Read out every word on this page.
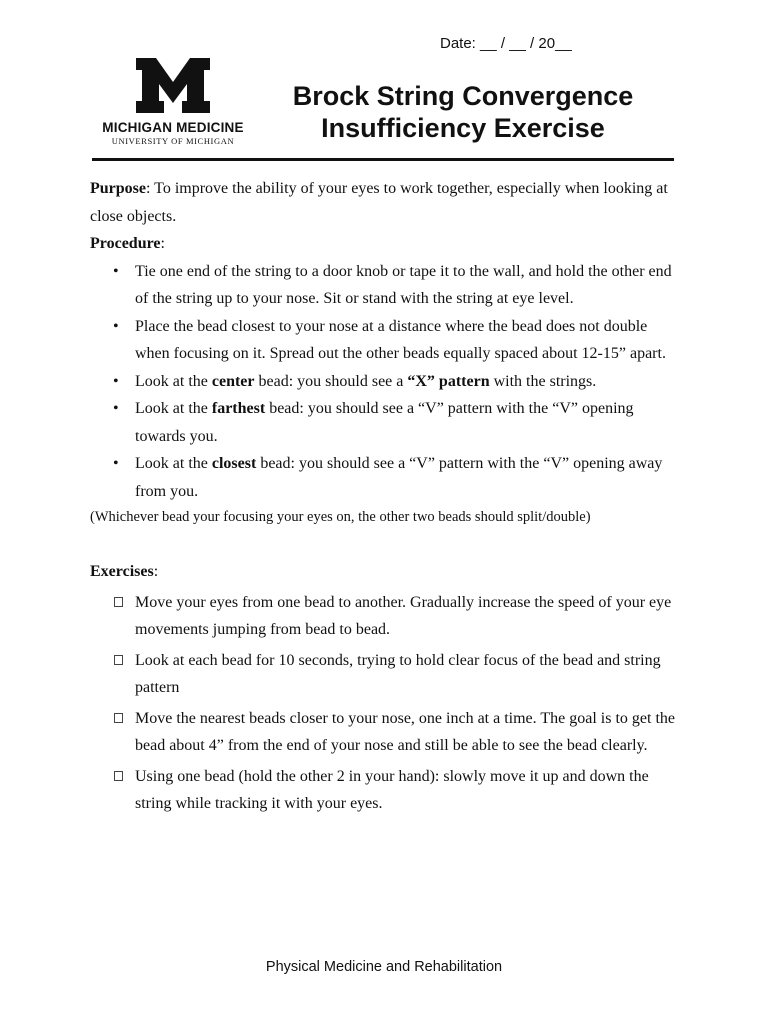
Date: __ / __ / 20__
MICHIGAN MEDICINE
UNIVERSITY OF MICHIGAN
Brock String Convergence
Insufficiency Exercise

Purpose: To improve the ability of your eyes to work together, especially when looking at close objects.

Procedure:

• Tie one end of the string to a door knob or tape it to the wall, and hold the other end of the string up to your nose. Sit or stand with the string at eye level.
• Place the bead closest to your nose at a distance where the bead does not double when focusing on it. Spread out the other beads equally spaced about 12-15” apart.
• Look at the center bead: you should see a “X” pattern with the strings.
• Look at the farthest bead: you should see a “V” pattern with the “V” opening towards you.
• Look at the closest bead: you should see a “V” pattern with the “V” opening away from you.

(Whichever bead your focusing your eyes on, the other two beads should split/double)

Exercises:

Move your eyes from one bead to another. Gradually increase the speed of your eye movements jumping from bead to bead.
Look at each bead for 10 seconds, trying to hold clear focus of the bead and string pattern
Move the nearest beads closer to your nose, one inch at a time. The goal is to get the bead about 4” from the end of your nose and still be able to see the bead clearly.
Using one bead (hold the other 2 in your hand): slowly move it up and down the string while tracking it with your eyes.
Physical Medicine and Rehabilitation
